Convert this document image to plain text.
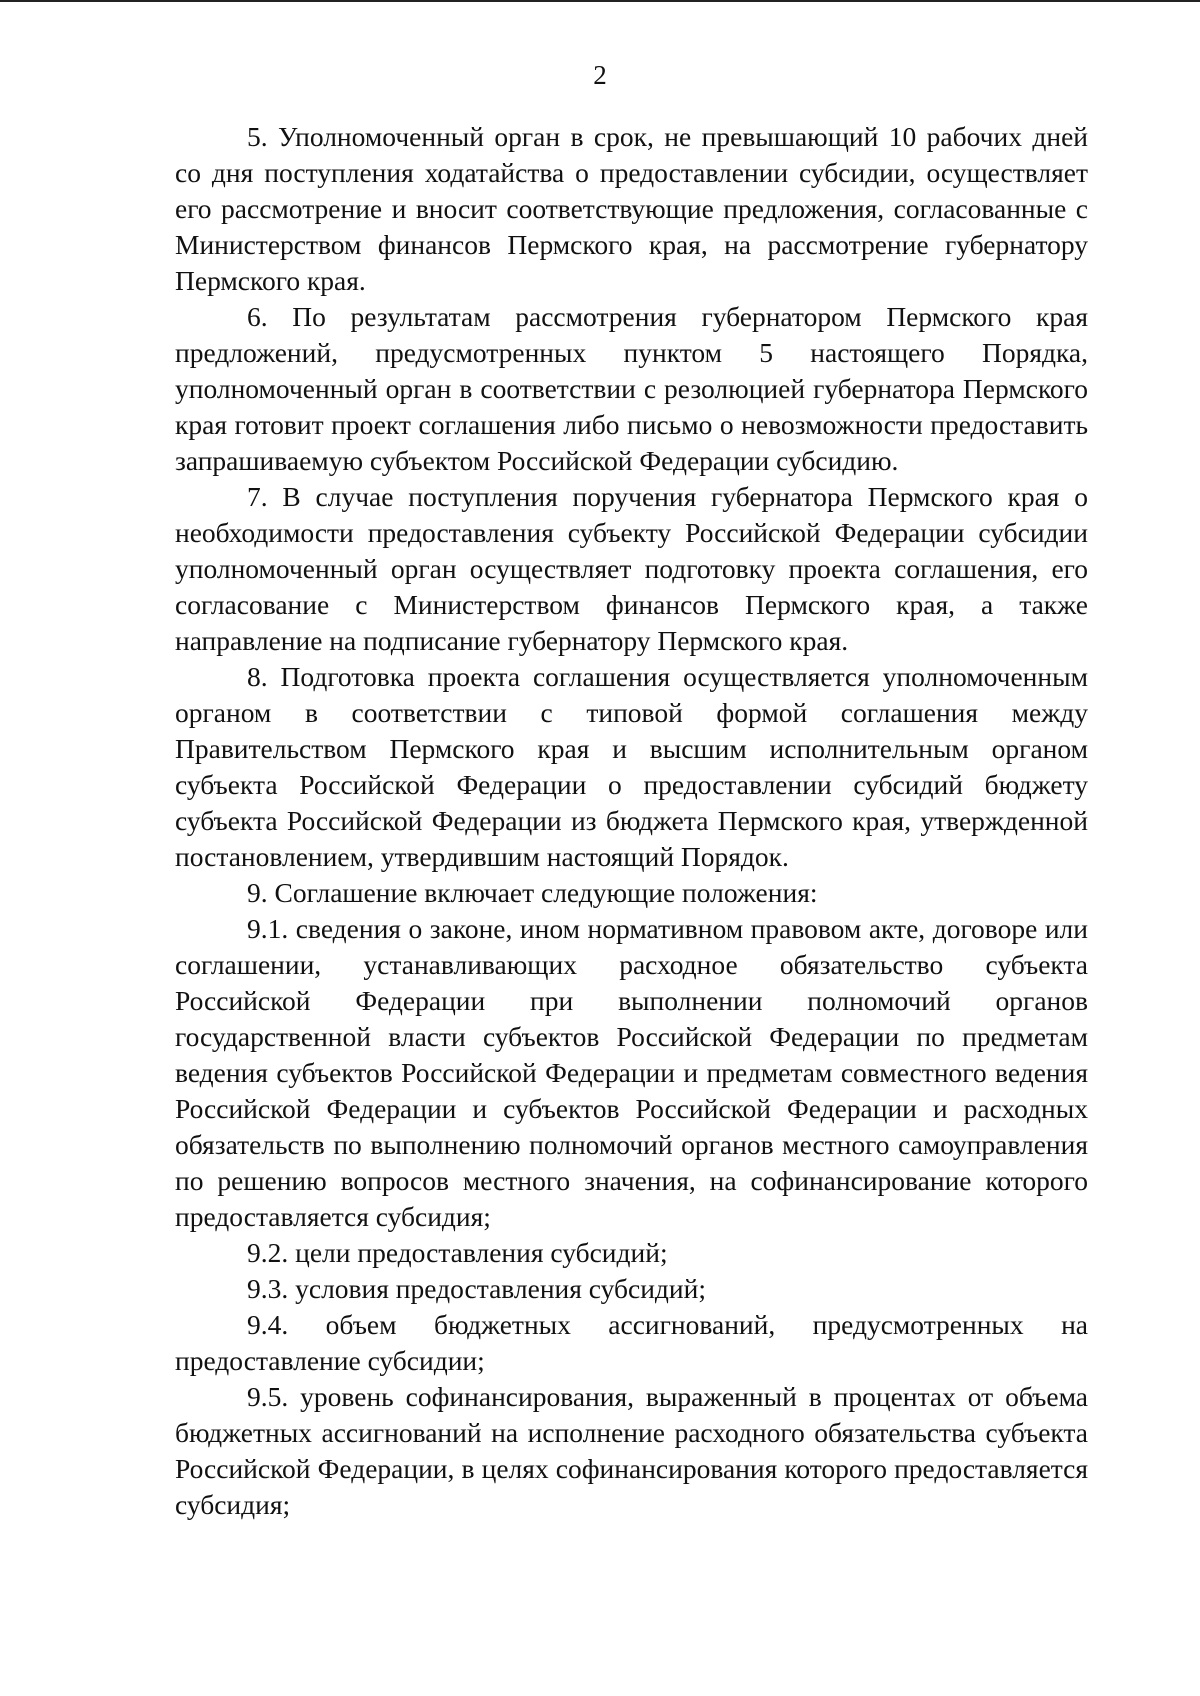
2

5. Уполномоченный орган в срок, не превышающий 10 рабочих дней со дня поступления ходатайства о предоставлении субсидии, осуществляет его рассмотрение и вносит соответствующие предложения, согласованные с Министерством финансов Пермского края, на рассмотрение губернатору Пермского края.

6. По результатам рассмотрения губернатором Пермского края предложений, предусмотренных пунктом 5 настоящего Порядка, уполномоченный орган в соответствии с резолюцией губернатора Пермского края готовит проект соглашения либо письмо о невозможности предоставить запрашиваемую субъектом Российской Федерации субсидию.

7. В случае поступления поручения губернатора Пермского края о необходимости предоставления субъекту Российской Федерации субсидии уполномоченный орган осуществляет подготовку проекта соглашения, его согласование с Министерством финансов Пермского края, а также направление на подписание губернатору Пермского края.

8. Подготовка проекта соглашения осуществляется уполномоченным органом в соответствии с типовой формой соглашения между Правительством Пермского края и высшим исполнительным органом субъекта Российской Федерации о предоставлении субсидий бюджету субъекта Российской Федерации из бюджета Пермского края, утвержденной постановлением, утвердившим настоящий Порядок.

9. Соглашение включает следующие положения:

9.1. сведения о законе, ином нормативном правовом акте, договоре или соглашении, устанавливающих расходное обязательство субъекта Российской Федерации при выполнении полномочий органов государственной власти субъектов Российской Федерации по предметам ведения субъектов Российской Федерации и предметам совместного ведения Российской Федерации и субъектов Российской Федерации и расходных обязательств по выполнению полномочий органов местного самоуправления по решению вопросов местного значения, на софинансирование которого предоставляется субсидия;

9.2. цели предоставления субсидий;

9.3. условия предоставления субсидий;

9.4. объем бюджетных ассигнований, предусмотренных на предоставление субсидии;

9.5. уровень софинансирования, выраженный в процентах от объема бюджетных ассигнований на исполнение расходного обязательства субъекта Российской Федерации, в целях софинансирования которого предоставляется субсидия;
